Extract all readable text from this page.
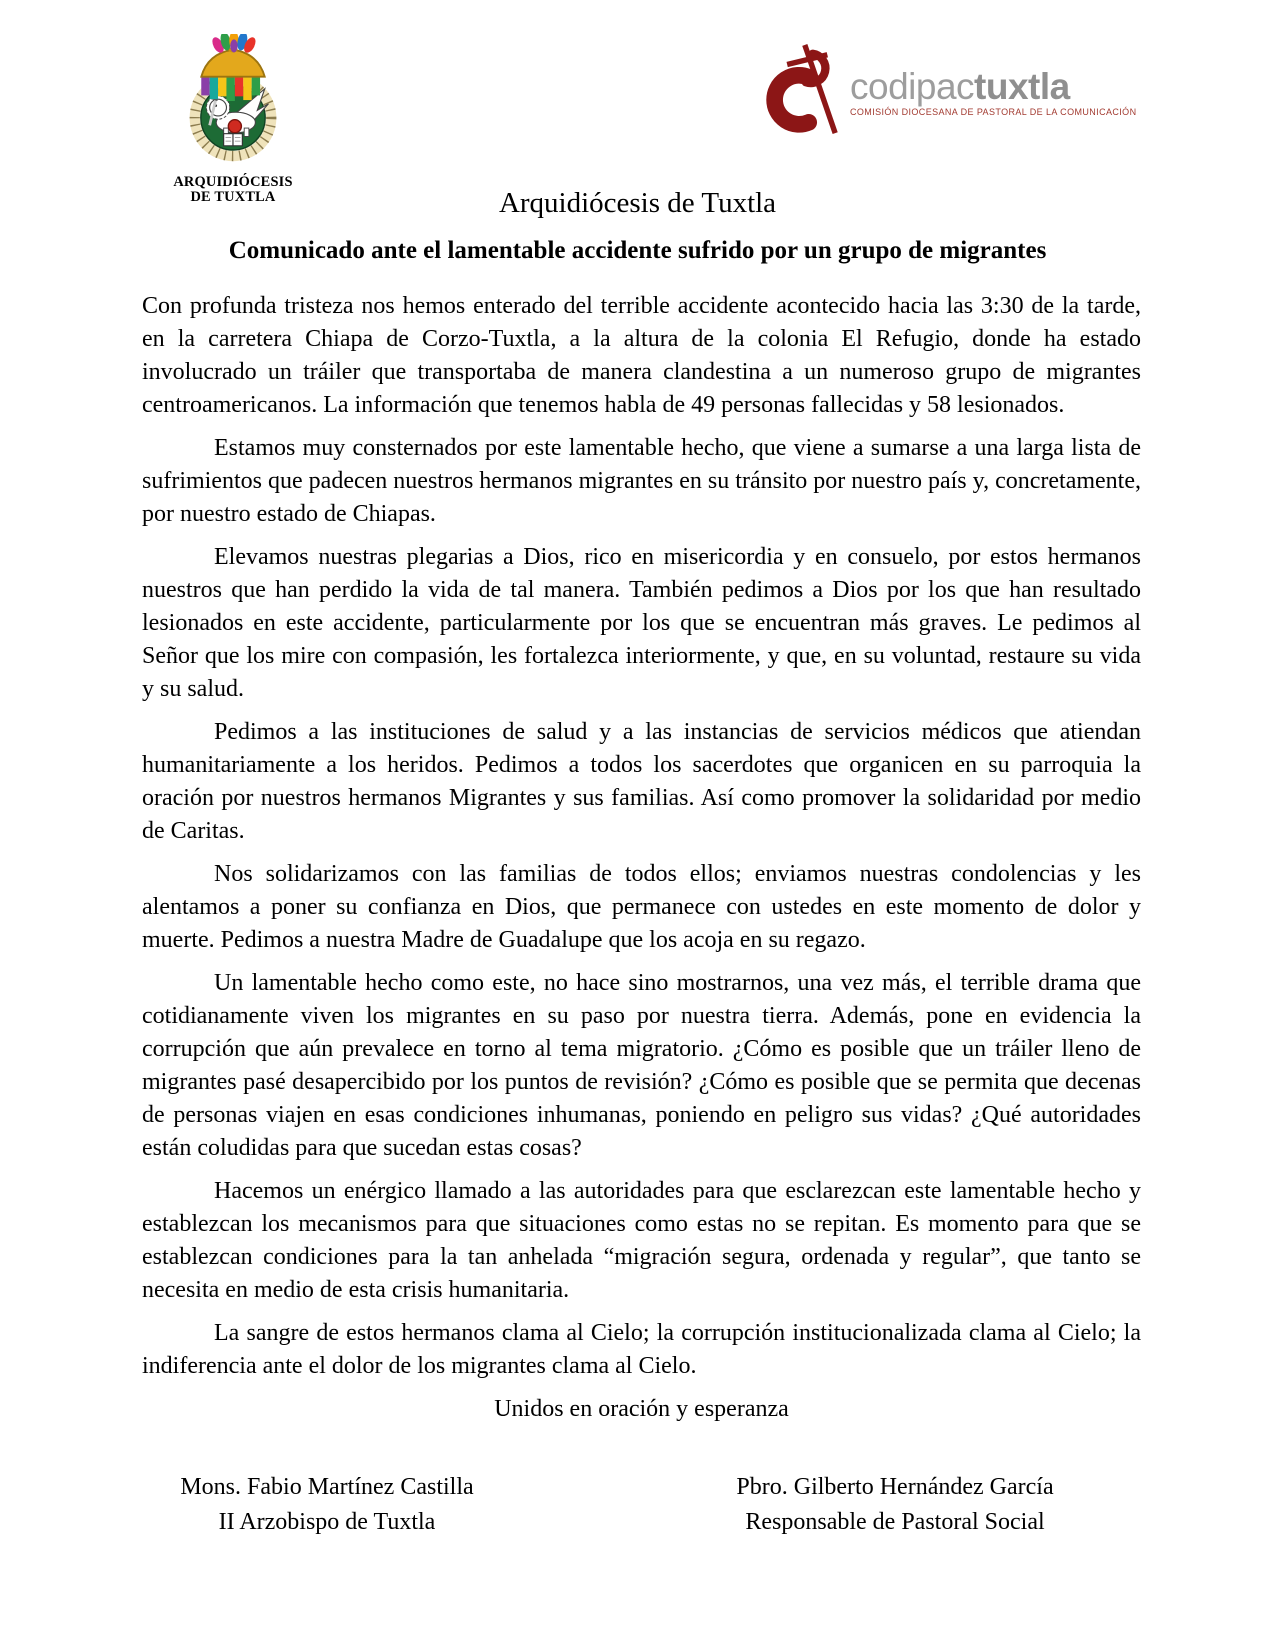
ARQUIDIÓCESIS
DE TUXTLA
codipactuxtla
COMISIÓN DIOCESANA DE PASTORAL DE LA COMUNICACIÓN
Arquidiócesis de Tuxtla
Comunicado ante el lamentable accidente sufrido por un grupo de migrantes

Con profunda tristeza nos hemos enterado del terrible accidente acontecido hacia las 3:30 de la tarde, en la carretera Chiapa de Corzo-Tuxtla, a la altura de la colonia El Refugio, donde ha estado involucrado un tráiler que transportaba de manera clandestina a un numeroso grupo de migrantes centroamericanos. La información que tenemos habla de 49 personas fallecidas y 58 lesionados.

Estamos muy consternados por este lamentable hecho, que viene a sumarse a una larga lista de sufrimientos que padecen nuestros hermanos migrantes en su tránsito por nuestro país y, concretamente, por nuestro estado de Chiapas.

Elevamos nuestras plegarias a Dios, rico en misericordia y en consuelo, por estos hermanos nuestros que han perdido la vida de tal manera. También pedimos a Dios por los que han resultado lesionados en este accidente, particularmente por los que se encuentran más graves. Le pedimos al Señor que los mire con compasión, les fortalezca interiormente, y que, en su voluntad, restaure su vida y su salud.

Pedimos a las instituciones de salud y a las instancias de servicios médicos que atiendan humanitariamente a los heridos. Pedimos a todos los sacerdotes que organicen en su parroquia la oración por nuestros hermanos Migrantes y sus familias. Así como promover la solidaridad por medio de Caritas.

Nos solidarizamos con las familias de todos ellos; enviamos nuestras condolencias y les alentamos a poner su confianza en Dios, que permanece con ustedes en este momento de dolor y muerte. Pedimos a nuestra Madre de Guadalupe que los acoja en su regazo.

Un lamentable hecho como este, no hace sino mostrarnos, una vez más, el terrible drama que cotidianamente viven los migrantes en su paso por nuestra tierra. Además, pone en evidencia la corrupción que aún prevalece en torno al tema migratorio. ¿Cómo es posible que un tráiler lleno de migrantes pasé desapercibido por los puntos de revisión? ¿Cómo es posible que se permita que decenas de personas viajen en esas condiciones inhumanas, poniendo en peligro sus vidas? ¿Qué autoridades están coludidas para que sucedan estas cosas?

Hacemos un enérgico llamado a las autoridades para que esclarezcan este lamentable hecho y establezcan los mecanismos para que situaciones como estas no se repitan. Es momento para que se establezcan condiciones para la tan anhelada “migración segura, ordenada y regular”, que tanto se necesita en medio de esta crisis humanitaria.

La sangre de estos hermanos clama al Cielo; la corrupción institucionalizada clama al Cielo; la indiferencia ante el dolor de los migrantes clama al Cielo.

Unidos en oración y esperanza

Mons. Fabio Martínez Castilla
II Arzobispo de Tuxtla
Pbro. Gilberto Hernández García
Responsable de Pastoral Social
